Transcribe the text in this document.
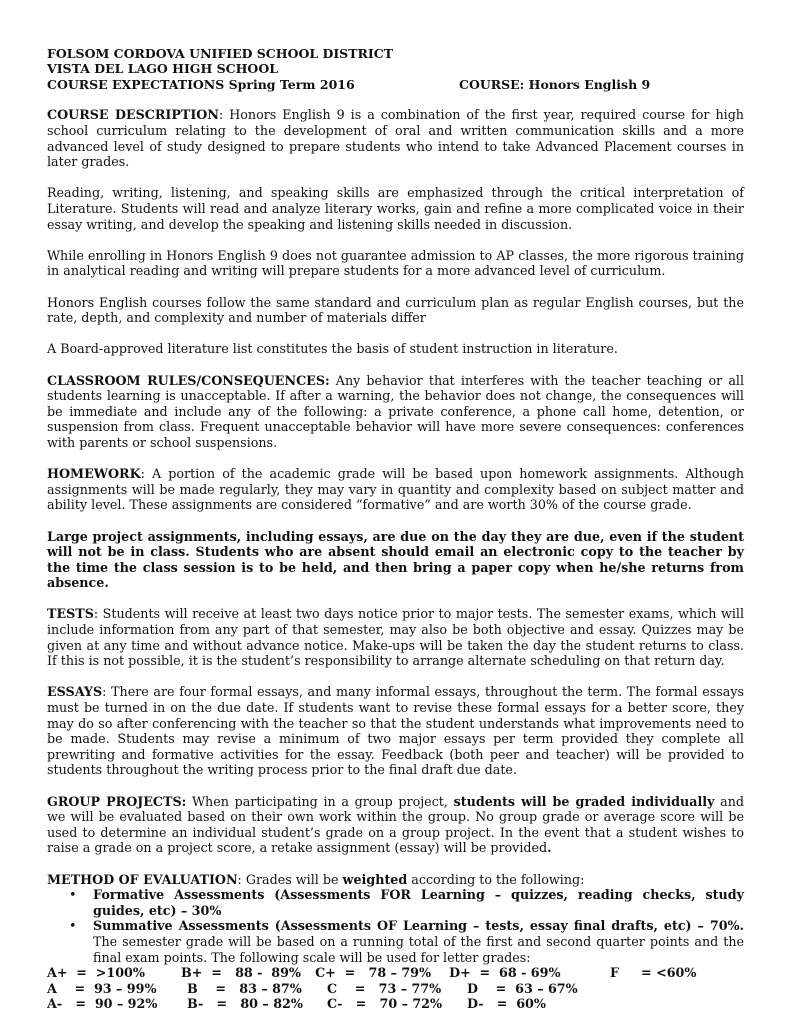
FOLSOM CORDOVA UNIFIED SCHOOL DISTRICT
VISTA DEL LAGO HIGH SCHOOL
COURSE EXPECTATIONS Spring Term 2016	COURSE: Honors English 9

COURSE DESCRIPTION: Honors English 9 is a combination of the first year, required course for high school curriculum relating to the development of oral and written communication skills and a more advanced level of study designed to prepare students who intend to take Advanced Placement courses in later grades.

Reading, writing, listening, and speaking skills are emphasized through the critical interpretation of Literature. Students will read and analyze literary works, gain and refine a more complicated voice in their essay writing, and develop the speaking and listening skills needed in discussion.

While enrolling in Honors English 9 does not guarantee admission to AP classes, the more rigorous training in analytical reading and writing will prepare students for a more advanced level of curriculum.

Honors English courses follow the same standard and curriculum plan as regular English courses, but the rate, depth, and complexity and number of materials differ

A Board-approved literature list constitutes the basis of student instruction in literature.

CLASSROOM RULES/CONSEQUENCES: Any behavior that interferes with the teacher teaching or all students learning is unacceptable. If after a warning, the behavior does not change, the consequences will be immediate and include any of the following: a private conference, a phone call home, detention, or suspension from class. Frequent unacceptable behavior will have more severe consequences: conferences with parents or school suspensions.

HOMEWORK: A portion of the academic grade will be based upon homework assignments. Although assignments will be made regularly, they may vary in quantity and complexity based on subject matter and ability level. These assignments are considered “formative” and are worth 30% of the course grade.

Large project assignments, including essays, are due on the day they are due, even if the student will not be in class. Students who are absent should email an electronic copy to the teacher by the time the class session is to be held, and then bring a paper copy when he/she returns from absence.

TESTS: Students will receive at least two days notice prior to major tests. The semester exams, which will include information from any part of that semester, may also be both objective and essay. Quizzes may be given at any time and without advance notice. Make-ups will be taken the day the student returns to class. If this is not possible, it is the student’s responsibility to arrange alternate scheduling on that return day.

ESSAYS: There are four formal essays, and many informal essays, throughout the term. The formal essays must be turned in on the due date. If students want to revise these formal essays for a better score, they may do so after conferencing with the teacher so that the student understands what improvements need to be made. Students may revise a minimum of two major essays per term provided they complete all prewriting and formative activities for the essay. Feedback (both peer and teacher) will be provided to students throughout the writing process prior to the final draft due date.

GROUP PROJECTS: When participating in a group project, students will be graded individually and we will be evaluated based on their own work within the group. No group grade or average score will be used to determine an individual student’s grade on a group project. In the event that a student wishes to raise a grade on a project score, a retake assignment (essay) will be provided.

METHOD OF EVALUATION: Grades will be weighted according to the following:
• Formative Assessments (Assessments FOR Learning – quizzes, reading checks, study guides, etc) – 30%
• Summative Assessments (Assessments OF Learning – tests, essay final drafts, etc) – 70%. The semester grade will be based on a running total of the first and second quarter points and the final exam points. The following scale will be used for letter grades:
A+  =  >100%	B+  =   88 -  89%	C+  =   78 – 79%	D+  =  68 - 69%	F     = <60%
A    =  93 – 99%	B    =   83 – 87%	C    =   73 – 77%	D    =  63 – 67%
A-   =  90 – 92%	B-   =   80 – 82%	C-   =   70 – 72%	D-   =  60%
